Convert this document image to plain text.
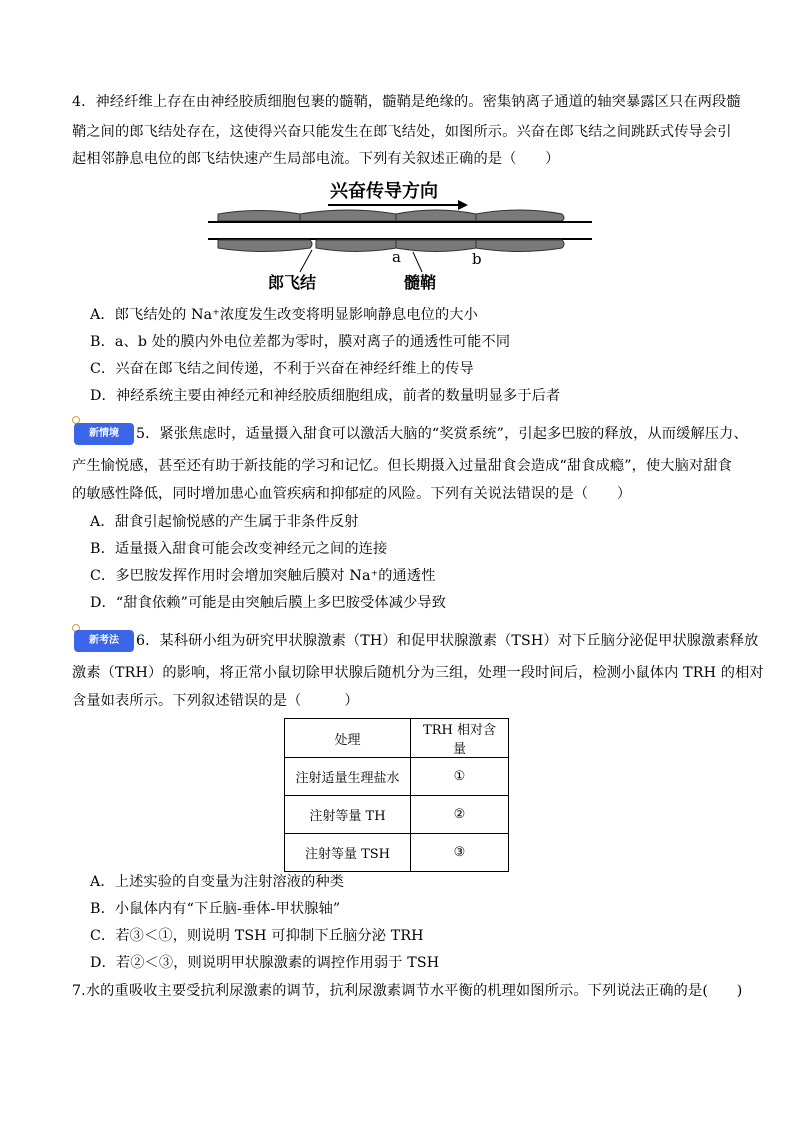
4．神经纤维上存在由神经胶质细胞包裹的髓鞘，髓鞘是绝缘的。密集钠离子通道的轴突暴露区只在两段髓
鞘之间的郎飞结处存在，这使得兴奋只能发生在郎飞结处，如图所示。兴奋在郎飞结之间跳跃式传导会引
起相邻静息电位的郎飞结快速产生局部电流。下列有关叙述正确的是（　　）
兴奋传导方向
郎飞结
a
髓鞘
b
A．郎飞结处的 Na⁺浓度发生改变将明显影响静息电位的大小
B．a、b 处的膜内外电位差都为零时，膜对离子的通透性可能不同
C．兴奋在郎飞结之间传递，不利于兴奋在神经纤维上的传导
D．神经系统主要由神经元和神经胶质细胞组成，前者的数量明显多于后者
新情境	5．紧张焦虑时，适量摄入甜食可以激活大脑的“奖赏系统”，引起多巴胺的释放，从而缓解压力、
产生愉悦感，甚至还有助于新技能的学习和记忆。但长期摄入过量甜食会造成“甜食成瘾”，使大脑对甜食
的敏感性降低，同时增加患心血管疾病和抑郁症的风险。下列有关说法错误的是（　　）
A．甜食引起愉悦感的产生属于非条件反射
B．适量摄入甜食可能会改变神经元之间的连接
C．多巴胺发挥作用时会增加突触后膜对 Na⁺的通透性
D．“甜食依赖”可能是由突触后膜上多巴胺受体减少导致
新考法	6．某科研小组为研究甲状腺激素（TH）和促甲状腺激素（TSH）对下丘脑分泌促甲状腺激素释放
激素（TRH）的影响，将正常小鼠切除甲状腺后随机分为三组，处理一段时间后，检测小鼠体内 TRH 的相对
含量如表所示。下列叙述错误的是（　　　）
处理	TRH 相对含量
注射适量生理盐水	①
注射等量 TH	②
注射等量 TSH	③
A．上述实验的自变量为注射溶液的种类
B．小鼠体内有“下丘脑-垂体-甲状腺轴”
C．若③＜①，则说明 TSH 可抑制下丘脑分泌 TRH
D．若②＜③，则说明甲状腺激素的调控作用弱于 TSH
7.水的重吸收主要受抗利尿激素的调节，抗利尿激素调节水平衡的机理如图所示。下列说法正确的是(　　)
